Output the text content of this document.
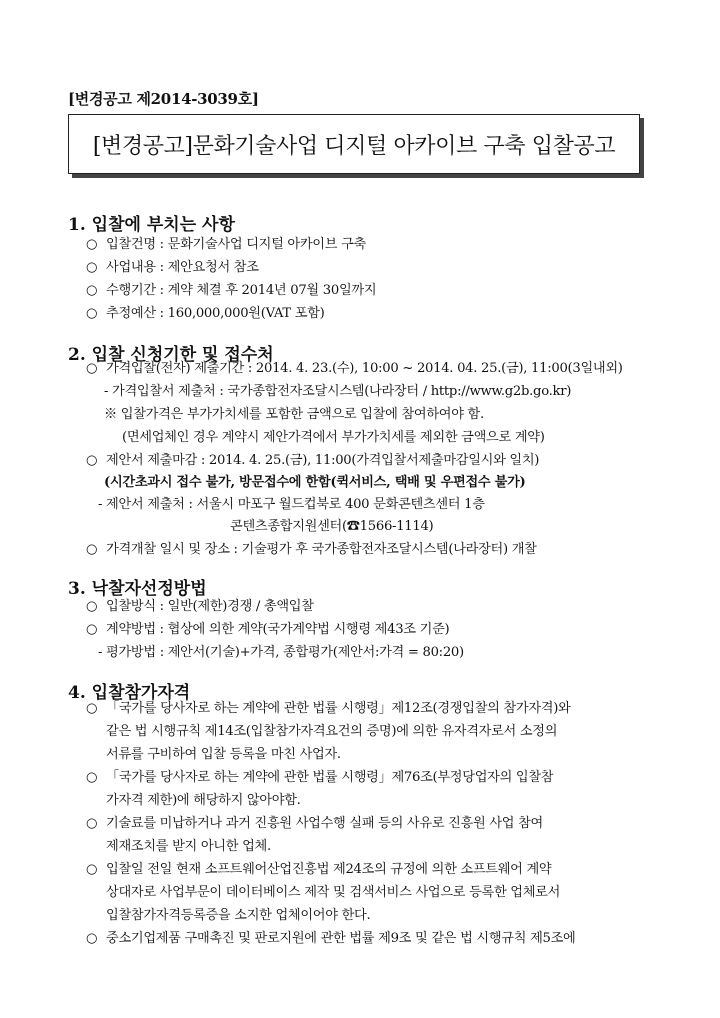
[변경공고 제2014-3039호]
[변경공고]문화기술사업 디지털 아카이브 구축 입찰공고
1. 입찰에 부치는 사항
○ 입찰건명 : 문화기술사업 디지털 아카이브 구축
○ 사업내용 : 제안요청서 참조
○ 수행기간 : 계약 체결 후 2014년 07월 30일까지
○ 추정예산 : 160,000,000원(VAT 포함)
2. 입찰 신청기한 및 접수처
○ 가격입찰(전자) 제출기간 : 2014. 4. 23.(수), 10:00 ~ 2014. 04. 25.(금), 11:00(3일내외)
- 가격입찰서 제출처 : 국가종합전자조달시스템(나라장터 / http://www.g2b.go.kr)
※ 입찰가격은 부가가치세를 포함한 금액으로 입찰에 참여하여야 함.
(면세업체인 경우 계약시 제안가격에서 부가가치세를 제외한 금액으로 계약)
○ 제안서 제출마감 : 2014. 4. 25.(금), 11:00(가격입찰서제출마감일시와 일치)
(시간초과시 접수 불가, 방문접수에 한함(퀵서비스, 택배 및 우편접수 불가)
- 제안서 제출처 : 서울시 마포구 월드컵북로 400 문화콘텐츠센터 1층
콘텐츠종합지원센터(☎1566-1114)
○ 가격개찰 일시 및 장소 : 기술평가 후 국가종합전자조달시스템(나라장터) 개찰
3. 낙찰자선정방법
○ 입찰방식 : 일반(제한)경쟁 / 총액입찰
○ 계약방법 : 협상에 의한 계약(국가계약법 시행령 제43조 기준)
- 평가방법 : 제안서(기술)+가격, 종합평가(제안서:가격 = 80:20)
4. 입찰참가자격
○ 「국가를 당사자로 하는 계약에 관한 법률 시행령」제12조(경쟁입찰의 참가자격)와
같은 법 시행규칙 제14조(입찰참가자격요건의 증명)에 의한 유자격자로서 소정의
서류를 구비하여 입찰 등록을 마친 사업자.
○ 「국가를 당사자로 하는 계약에 관한 법률 시행령」제76조(부정당업자의 입찰참
가자격 제한)에 해당하지 않아야함.
○ 기술료를 미납하거나 과거 진흥원 사업수행 실패 등의 사유로 진흥원 사업 참여
제재조치를 받지 아니한 업체.
○ 입찰일 전일 현재 소프트웨어산업진흥법 제24조의 규정에 의한 소프트웨어 계약
상대자로 사업부문이 데이터베이스 제작 및 검색서비스 사업으로 등록한 업체로서
입찰참가자격등록증을 소지한 업체이어야 한다.
○ 중소기업제품 구매촉진 및 판로지원에 관한 법률 제9조 및 같은 법 시행규칙 제5조에
